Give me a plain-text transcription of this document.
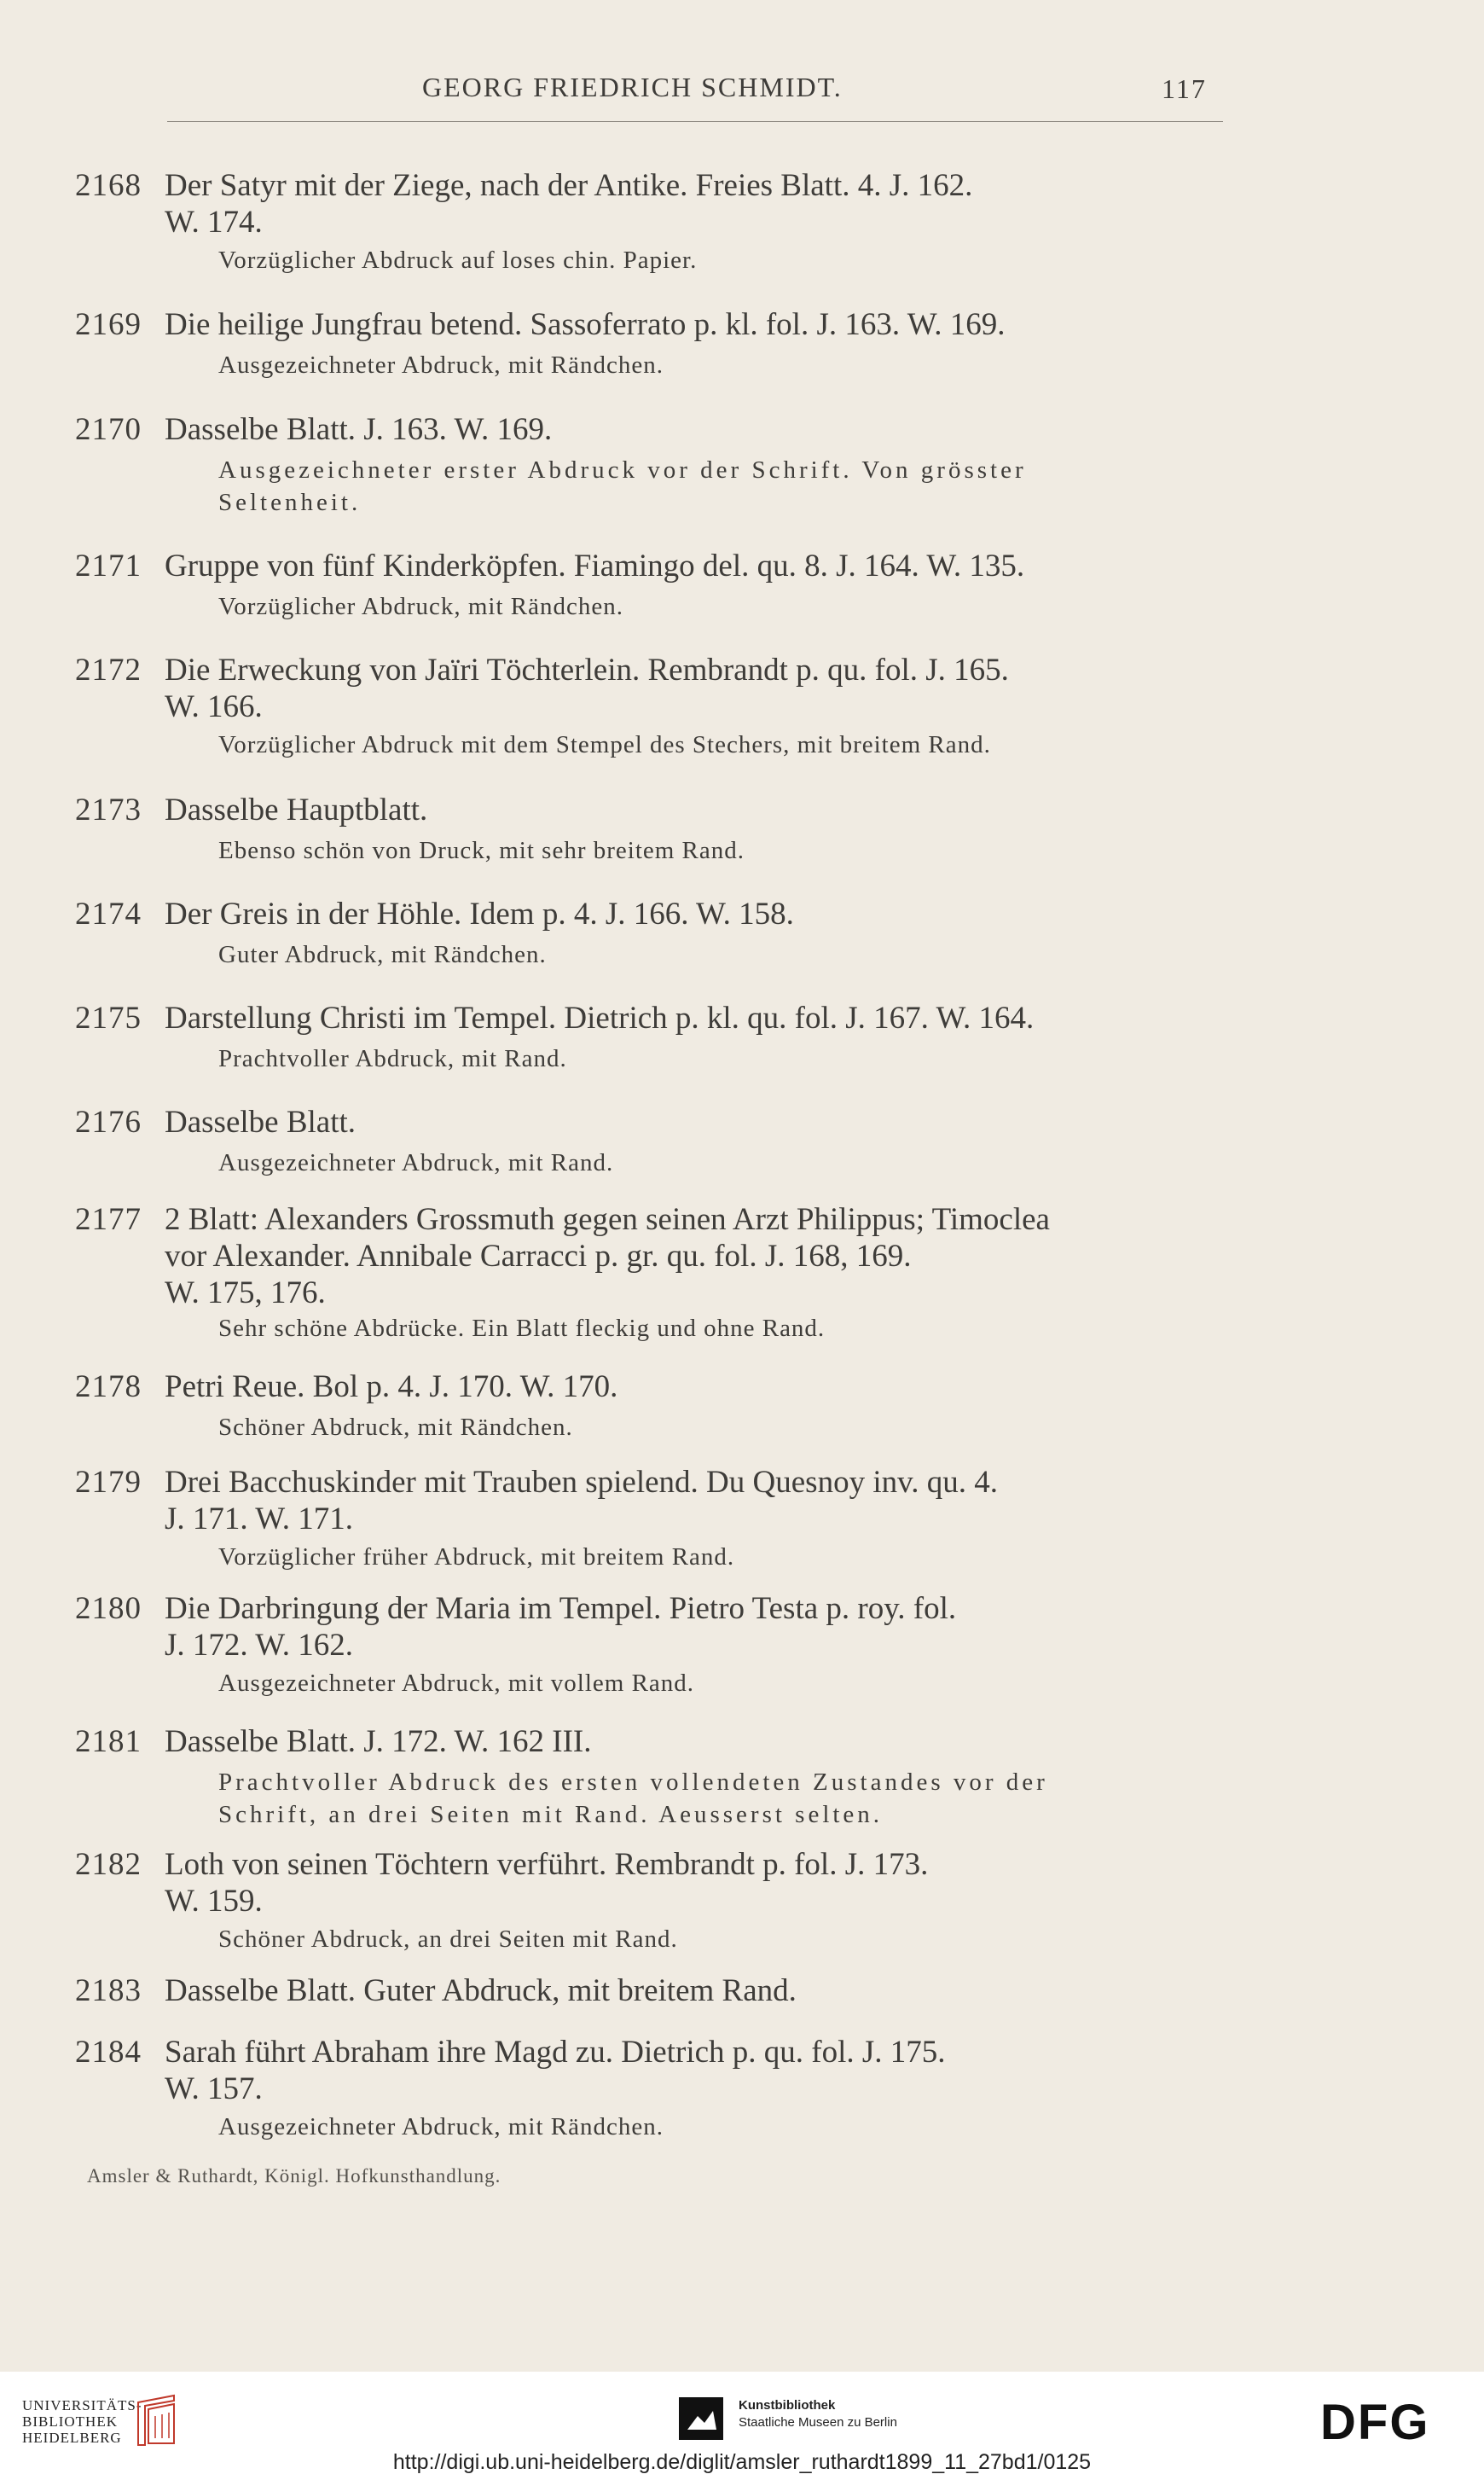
GEORG FRIEDRICH SCHMIDT.	117
2168 Der Satyr mit der Ziege, nach der Antike. Freies Blatt. 4. J. 162.
W. 174.
Vorzüglicher Abdruck auf loses chin. Papier.
2169 Die heilige Jungfrau betend. Sassoferrato p. kl. fol. J. 163. W. 169.
Ausgezeichneter Abdruck, mit Rändchen.
2170 Dasselbe Blatt. J. 163. W. 169.
Ausgezeichneter erster Abdruck vor der Schrift. Von grösster
Seltenheit.
2171 Gruppe von fünf Kinderköpfen. Fiamingo del. qu. 8. J. 164. W. 135.
Vorzüglicher Abdruck, mit Rändchen.
2172 Die Erweckung von Jaïri Töchterlein. Rembrandt p. qu. fol. J. 165.
W. 166.
Vorzüglicher Abdruck mit dem Stempel des Stechers, mit breitem Rand.
2173 Dasselbe Hauptblatt.
Ebenso schön von Druck, mit sehr breitem Rand.
2174 Der Greis in der Höhle. Idem p. 4. J. 166. W. 158.
Guter Abdruck, mit Rändchen.
2175 Darstellung Christi im Tempel. Dietrich p. kl. qu. fol. J. 167. W. 164.
Prachtvoller Abdruck, mit Rand.
2176 Dasselbe Blatt.
Ausgezeichneter Abdruck, mit Rand.
2177 2 Blatt: Alexanders Grossmuth gegen seinen Arzt Philippus; Timoclea
vor Alexander. Annibale Carracci p. gr. qu. fol. J. 168, 169.
W. 175, 176.
Sehr schöne Abdrücke. Ein Blatt fleckig und ohne Rand.
2178 Petri Reue. Bol p. 4. J. 170. W. 170.
Schöner Abdruck, mit Rändchen.
2179 Drei Bacchuskinder mit Trauben spielend. Du Quesnoy inv. qu. 4.
J. 171. W. 171.
Vorzüglicher früher Abdruck, mit breitem Rand.
2180 Die Darbringung der Maria im Tempel. Pietro Testa p. roy. fol.
J. 172. W. 162.
Ausgezeichneter Abdruck, mit vollem Rand.
2181 Dasselbe Blatt. J. 172. W. 162 III.
Prachtvoller Abdruck des ersten vollendeten Zustandes vor der
Schrift, an drei Seiten mit Rand. Aeusserst selten.
2182 Loth von seinen Töchtern verführt. Rembrandt p. fol. J. 173.
W. 159.
Schöner Abdruck, an drei Seiten mit Rand.
2183 Dasselbe Blatt. Guter Abdruck, mit breitem Rand.
2184 Sarah führt Abraham ihre Magd zu. Dietrich p. qu. fol. J. 175.
W. 157.
Ausgezeichneter Abdruck, mit Rändchen.
Amsler & Ruthardt, Königl. Hofkunsthandlung.
UNIVERSITÄTS-
BIBLIOTHEK
HEIDELBERG
Kunstbibliothek
Staatliche Museen zu Berlin	DFG
http://digi.ub.uni-heidelberg.de/diglit/amsler_ruthardt1899_11_27bd1/0125
